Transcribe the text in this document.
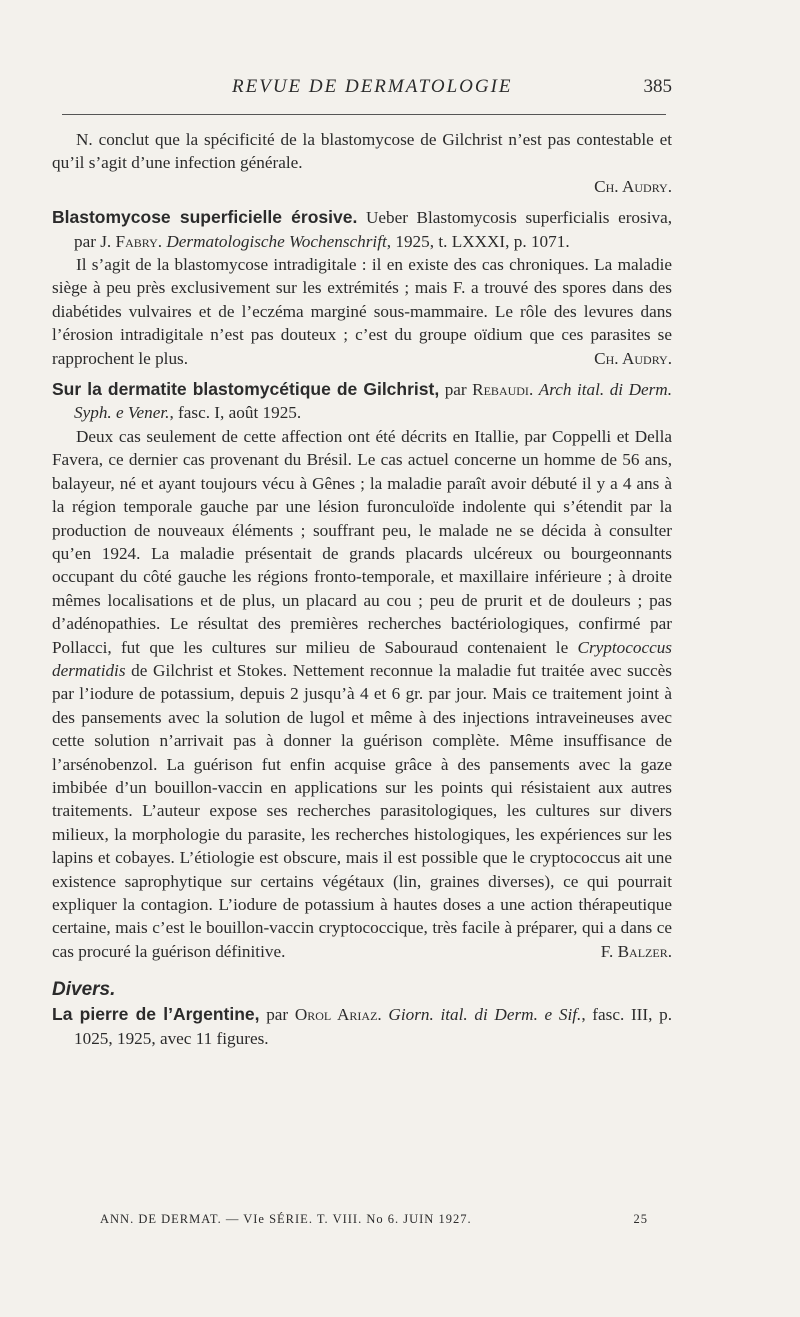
REVUE DE DERMATOLOGIE	385

N. conclut que la spécificité de la blastomycose de Gilchrist n’est pas contestable et qu’il s’agit d’une infection générale.

Ch. Audry.

Blastomycose superficielle érosive. Ueber Blastomycosis superficialis erosiva, par J. Fabry. Dermatologische Wochenschrift, 1925, t. LXXXI, p. 1071.

Il s’agit de la blastomycose intradigitale : il en existe des cas chroniques. La maladie siège à peu près exclusivement sur les extrémités ; mais F. a trouvé des spores dans des diabétides vulvaires et de l’eczéma marginé sous-mammaire. Le rôle des levures dans l’érosion intradigitale n’est pas douteux ; c’est du groupe oïdium que ces parasites se rapprochent le plus.	Ch. Audry.

Sur la dermatite blastomycétique de Gilchrist, par Rebaudi. Arch ital. di Derm. Syph. e Vener., fasc. I, août 1925.

Deux cas seulement de cette affection ont été décrits en Itallie, par Coppelli et Della Favera, ce dernier cas provenant du Brésil. Le cas actuel concerne un homme de 56 ans, balayeur, né et ayant toujours vécu à Gênes ; la maladie paraît avoir débuté il y a 4 ans à la région temporale gauche par une lésion furonculoïde indolente qui s’étendit par la production de nouveaux éléments ; souffrant peu, le malade ne se décida à consulter qu’en 1924. La maladie présentait de grands placards ulcéreux ou bourgeonnants occupant du côté gauche les régions fronto-temporale, et maxillaire inférieure ; à droite mêmes localisations et de plus, un placard au cou ; peu de prurit et de douleurs ; pas d’adénopathies. Le résultat des premières recherches bactériologiques, confirmé par Pollacci, fut que les cultures sur milieu de Sabouraud contenaient le Cryptococcus dermatidis de Gilchrist et Stokes. Nettement reconnue la maladie fut traitée avec succès par l’iodure de potassium, depuis 2 jusqu’à 4 et 6 gr. par jour. Mais ce traitement joint à des pansements avec la solution de lugol et même à des injections intraveineuses avec cette solution n’arrivait pas à donner la guérison complète. Même insuffisance de l’arsénobenzol. La guérison fut enfin acquise grâce à des pansements avec la gaze imbibée d’un bouillon-vaccin en applications sur les points qui résistaient aux autres traitements. L’auteur expose ses recherches parasitologiques, les cultures sur divers milieux, la morphologie du parasite, les recherches histologiques, les expériences sur les lapins et cobayes. L’étiologie est obscure, mais il est possible que le cryptococcus ait une existence saprophytique sur certains végétaux (lin, graines diverses), ce qui pourrait expliquer la contagion. L’iodure de potassium à hautes doses a une action thérapeutique certaine, mais c’est le bouillon-vaccin cryptococcique, très facile à préparer, qui a dans ce cas procuré la guérison définitive.	F. Balzer.

Divers.

La pierre de l’Argentine, par Orol Ariaz. Giorn. ital. di Derm. e Sif., fasc. III, p. 1025, 1925, avec 11 figures.

ANN. DE DERMAT. — VIe SÉRIE. T. VIII. No 6. JUIN 1927.	25
